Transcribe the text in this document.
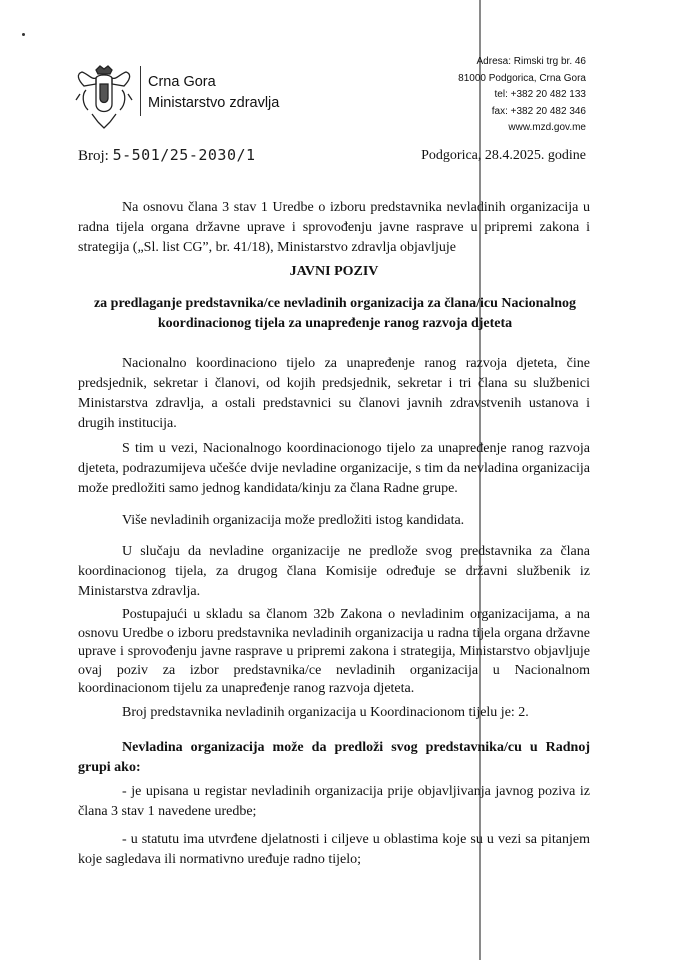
Crna Gora
Ministarstvo zdravlja
Adresa: Rimski trg br. 46
81000 Podgorica, Crna Gora
tel: +382 20 482 133
fax: +382 20 482 346
www.mzd.gov.me
Broj: 5-501/25-2030/1	Podgorica, 28.4.2025. godine

Na osnovu člana 3 stav 1 Uredbe o izboru predstavnika nevladinih organizacija u radna tijela organa državne uprave i sprovođenju javne rasprave u pripremi zakona i strategija („Sl. list CG”, br. 41/18), Ministarstvo zdravlja objavljuje

JAVNI POZIV

za predlaganje predstavnika/ce nevladinih organizacija za člana/icu Nacionalnog koordinacionog tijela za unapređenje ranog razvoja djeteta

Nacionalno koordinaciono tijelo za unapređenje ranog razvoja djeteta, čine predsjednik, sekretar i članovi, od kojih predsjednik, sekretar i tri člana su službenici Ministarstva zdravlja, a ostali predstavnici su članovi javnih zdravstvenih ustanova i drugih institucija.

S tim u vezi, Nacionalnogo koordinacionogo tijelo za unapređenje ranog razvoja djeteta, podrazumijeva učešće dvije nevladine organizacije, s tim da nevladina organizacija može predložiti samo jednog kandidata/kinju za člana Radne grupe.

Više nevladinih organizacija može predložiti istog kandidata.

U slučaju da nevladine organizacije ne predlože svog predstavnika za člana koordinacionog tijela, za drugog člana Komisije određuje se državni službenik iz Ministarstva zdravlja.

Postupajući u skladu sa članom 32b Zakona o nevladinim organizacijama, a na osnovu Uredbe o izboru predstavnika nevladinih organizacija u radna tijela organa državne uprave i sprovođenju javne rasprave u pripremi zakona i strategija, Ministarstvo objavljuje ovaj poziv za izbor predstavnika/ce nevladinih organizacija u Nacionalnom koordinacionom tijelu za unapređenje ranog razvoja djeteta.

Broj predstavnika nevladinih organizacija u Koordinacionom tijelu je: 2.

Nevladina organizacija može da predloži svog predstavnika/cu u Radnoj grupi ako:

- je upisana u registar nevladinih organizacija prije objavljivanja javnog poziva iz člana 3 stav 1 navedene uredbe;

- u statutu ima utvrđene djelatnosti i ciljeve u oblastima koje su u vezi sa pitanjem koje sagledava ili normativno uređuje radno tijelo;
